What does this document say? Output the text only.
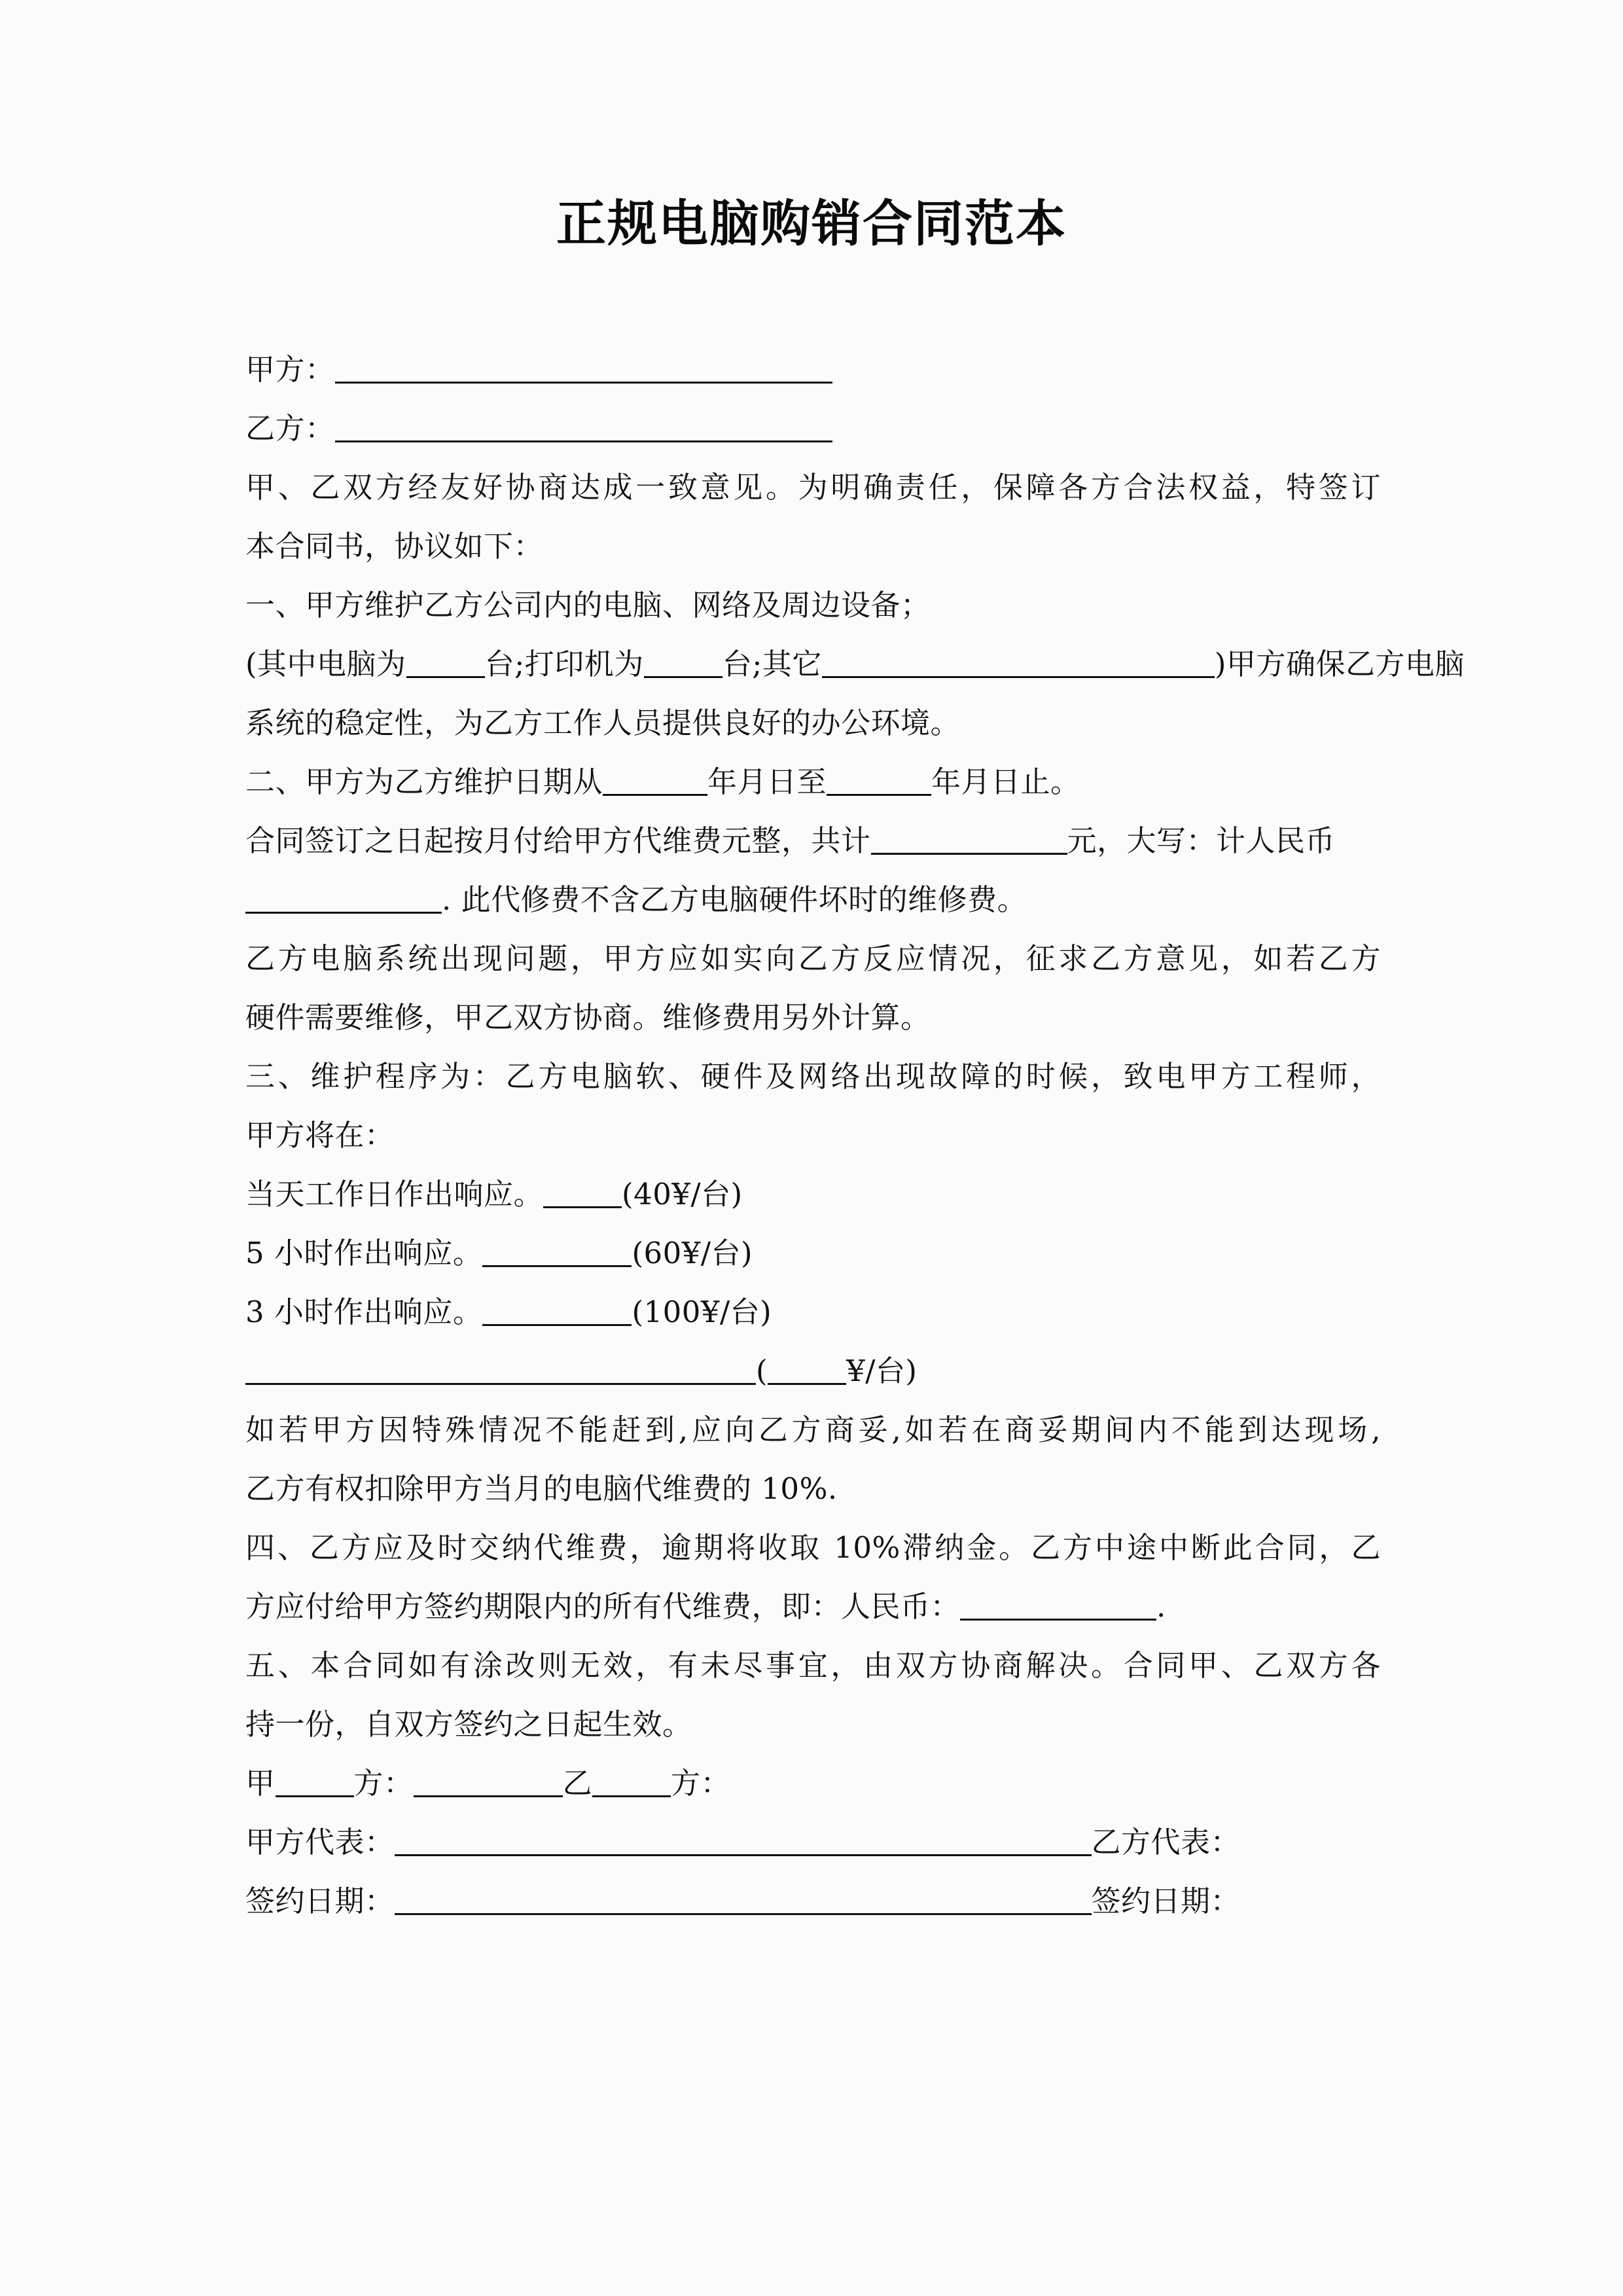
正规电脑购销合同范本
甲方：
乙方：
甲、乙双方经友好协商达成一致意见。为明确责任，保障各方合法权益，特签订
本合同书，协议如下：
一、甲方维护乙方公司内的电脑、网络及周边设备；
(其中电脑为	台;打印机为	台;其它	)甲方确保乙方电脑
系统的稳定性，为乙方工作人员提供良好的办公环境。
二、甲方为乙方维护日期从	年月日至	年月日止。
合同签订之日起按月付给甲方代维费元整，共计	元，大写：计人民币
. 此代修费不含乙方电脑硬件坏时的维修费。
乙方电脑系统出现问题，甲方应如实向乙方反应情况，征求乙方意见，如若乙方
硬件需要维修，甲乙双方协商。维修费用另外计算。
三、维护程序为：乙方电脑软、硬件及网络出现故障的时候，致电甲方工程师，
甲方将在：
当天工作日作出响应。	(40¥/台)
5 小时作出响应。	(60¥/台)
3 小时作出响应。	(100¥/台)
(	¥/台)
如若甲方因特殊情况不能赶到,应向乙方商妥,如若在商妥期间内不能到达现场,
乙方有权扣除甲方当月的电脑代维费的 10%.
四、乙方应及时交纳代维费，逾期将收取 10%滞纳金。乙方中途中断此合同，乙
方应付给甲方签约期限内的所有代维费，即：人民币：	.
五、本合同如有涂改则无效，有未尽事宜，由双方协商解决。合同甲、乙双方各
持一份，自双方签约之日起生效。
甲	方：	乙	方：
甲方代表：	乙方代表：
签约日期：	签约日期：
